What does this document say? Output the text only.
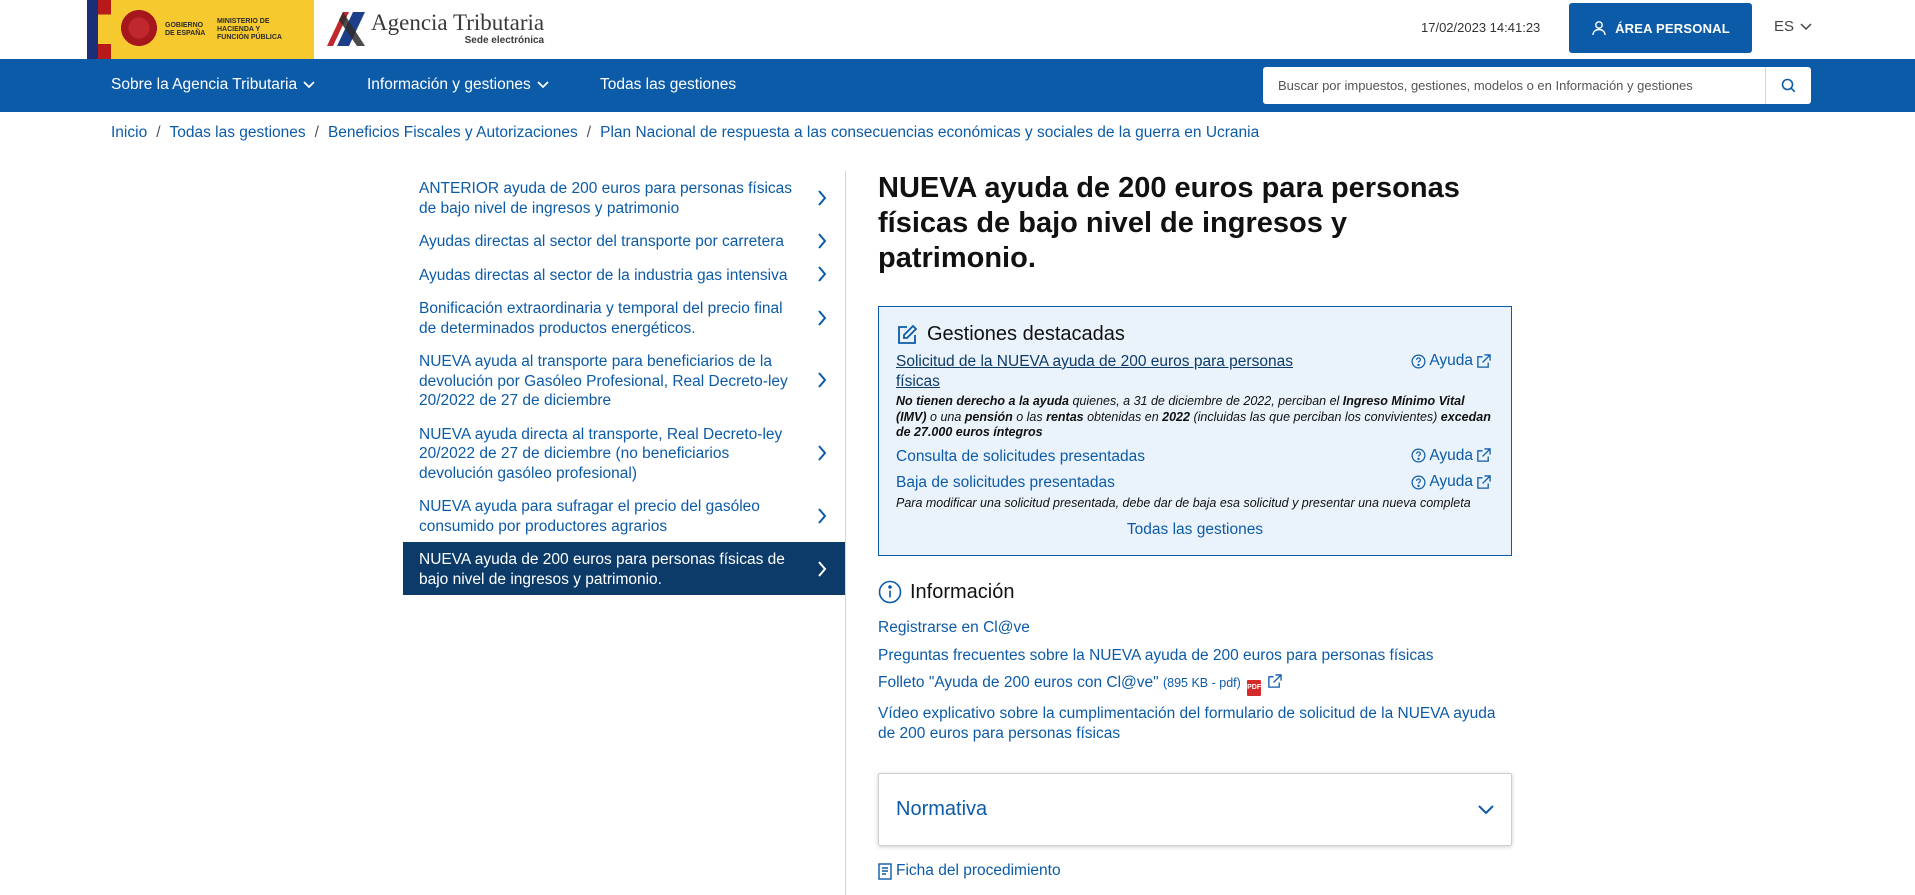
GOBIERNO DE ESPAÑA
MINISTERIO DE HACIENDA Y FUNCIÓN PÚBLICA
Agencia Tributaria
Sede electrónica
17/02/2023 14:41:23	ÁREA PERSONAL	ES
Sobre la Agencia Tributaria	Información y gestiones	Todas las gestiones
Buscar por impuestos, gestiones, modelos o en Información y gestiones
Inicio / Todas las gestiones / Beneficios Fiscales y Autorizaciones / Plan Nacional de respuesta a las consecuencias económicas y sociales de la guerra en Ucrania
ANTERIOR ayuda de 200 euros para personas físicas de bajo nivel de ingresos y patrimonio
Ayudas directas al sector del transporte por carretera
Ayudas directas al sector de la industria gas intensiva
Bonificación extraordinaria y temporal del precio final de determinados productos energéticos.
NUEVA ayuda al transporte para beneficiarios de la devolución por Gasóleo Profesional, Real Decreto-ley 20/2022 de 27 de diciembre
NUEVA ayuda directa al transporte, Real Decreto-ley 20/2022 de 27 de diciembre (no beneficiarios devolución gasóleo profesional)
NUEVA ayuda para sufragar el precio del gasóleo consumido por productores agrarios
NUEVA ayuda de 200 euros para personas físicas de bajo nivel de ingresos y patrimonio.
NUEVA ayuda de 200 euros para personas físicas de bajo nivel de ingresos y patrimonio.
Gestiones destacadas
Solicitud de la NUEVA ayuda de 200 euros para personas físicas
Ayuda
No tienen derecho a la ayuda quienes, a 31 de diciembre de 2022, perciban el Ingreso Mínimo Vital (IMV) o una pensión o las rentas obtenidas en 2022 (incluidas las que perciban los convivientes) excedan de 27.000 euros íntegros
Consulta de solicitudes presentadas	Ayuda
Baja de solicitudes presentadas	Ayuda
Para modificar una solicitud presentada, debe dar de baja esa solicitud y presentar una nueva completa
Todas las gestiones
Información
Registrarse en Cl@ve
Preguntas frecuentes sobre la NUEVA ayuda de 200 euros para personas físicas
Folleto "Ayuda de 200 euros con Cl@ve" (895 KB - pdf) PDF
Vídeo explicativo sobre la cumplimentación del formulario de solicitud de la NUEVA ayuda de 200 euros para personas físicas
Normativa
Ficha del procedimiento
